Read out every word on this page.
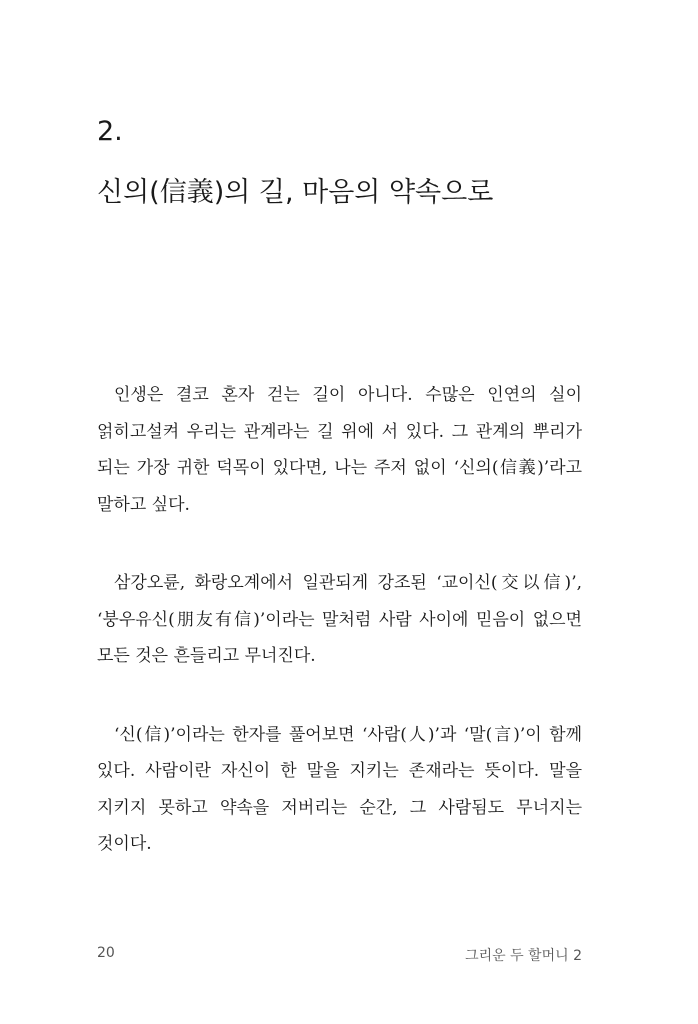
2.
신의(信義)의 길, 마음의 약속으로

인생은 결코 혼자 걷는 길이 아니다. 수많은 인연의 실이 얽히고설켜 우리는 관계라는 길 위에 서 있다. 그 관계의 뿌리가 되는 가장 귀한 덕목이 있다면, 나는 주저 없이 ‘신의(信義)’라고 말하고 싶다.

삼강오륜, 화랑오계에서 일관되게 강조된 ‘교이신(交以信)’, ‘붕우유신(朋友有信)’이라는 말처럼 사람 사이에 믿음이 없으면 모든 것은 흔들리고 무너진다.

‘신(信)’이라는 한자를 풀어보면 ‘사람(人)’과 ‘말(言)’이 함께 있다. 사람이란 자신이 한 말을 지키는 존재라는 뜻이다. 말을 지키지 못하고 약속을 저버리는 순간, 그 사람됨도 무너지는 것이다.

20	그리운 두 할머니 2
